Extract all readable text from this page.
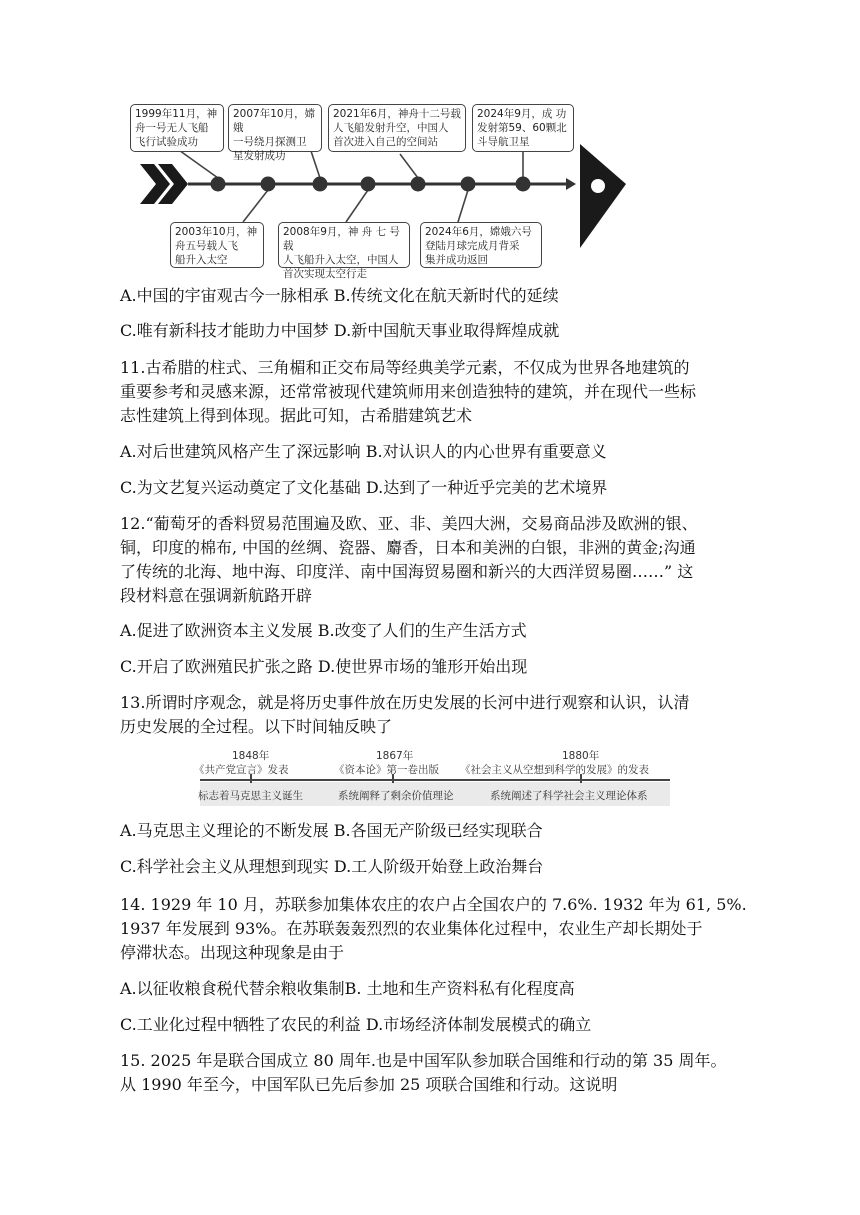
1999年11月，神
舟一号无人飞船
飞行试验成功
2007年10月，嫦娥
一号绕月探测卫
星发射成功
2021年6月，神舟十二号载
人飞船发射升空，中国人
首次进入自己的空间站
2024年9月，成 功
发射第59、60颗北
斗导航卫星
2003年10月，神
舟五号载人飞
船升入太空
2008年9月，神 舟 七 号 载
人飞船升入太空，中国人
首次实现太空行走
2024年6月，嫦娥六号
登陆月球完成月背采
集并成功返回
A.中国的宇宙观古今一脉相承 B.传统文化在航天新时代的延续
C.唯有新科技才能助力中国梦 D.新中国航天事业取得辉煌成就
11.古希腊的柱式、三角楣和正交布局等经典美学元素，不仅成为世界各地建筑的
重要参考和灵感来源，还常常被现代建筑师用来创造独特的建筑，并在现代一些标
志性建筑上得到体现。据此可知，古希腊建筑艺术
A.对后世建筑风格产生了深远影响 B.对认识人的内心世界有重要意义
C.为文艺复兴运动奠定了文化基础 D.达到了一种近乎完美的艺术境界
12.“葡萄牙的香料贸易范围遍及欧、亚、非、美四大洲，交易商品涉及欧洲的银、
铜，印度的棉布, 中国的丝绸、瓷器、麝香，日本和美洲的白银，非洲的黄金;沟通
了传统的北海、地中海、印度洋、南中国海贸易圈和新兴的大西洋贸易圈……” 这
段材料意在强调新航路开辟
A.促进了欧洲资本主义发展 B.改变了人们的生产生活方式
C.开启了欧洲殖民扩张之路 D.使世界市场的雏形开始出现
13.所谓时序观念，就是将历史事件放在历史发展的长河中进行观察和认识，认清
历史发展的全过程。以下时间轴反映了
1848年
《共产党宣言》发表
标志着马克思主义诞生
1867年
《资本论》第一卷出版
系统阐释了剩余价值理论
1880年
《社会主义从空想到科学的发展》的发表
系统阐述了科学社会主义理论体系
A.马克思主义理论的不断发展 B.各国无产阶级已经实现联合
C.科学社会主义从理想到现实 D.工人阶级开始登上政治舞台
14. 1929 年 10 月，苏联参加集体农庄的农户占全国农户的 7.6%. 1932 年为 61, 5%.
1937 年发展到 93%。在苏联轰轰烈烈的农业集体化过程中，农业生产却长期处于
停滞状态。出现这种现象是由于
A.以征收粮食税代替余粮收集制B. 土地和生产资料私有化程度高
C.工业化过程中牺牲了农民的利益 D.市场经济体制发展模式的确立
15. 2025 年是联合国成立 80 周年.也是中国军队参加联合国维和行动的第 35 周年。
从 1990 年至今，中国军队已先后参加 25 项联合国维和行动。这说明
